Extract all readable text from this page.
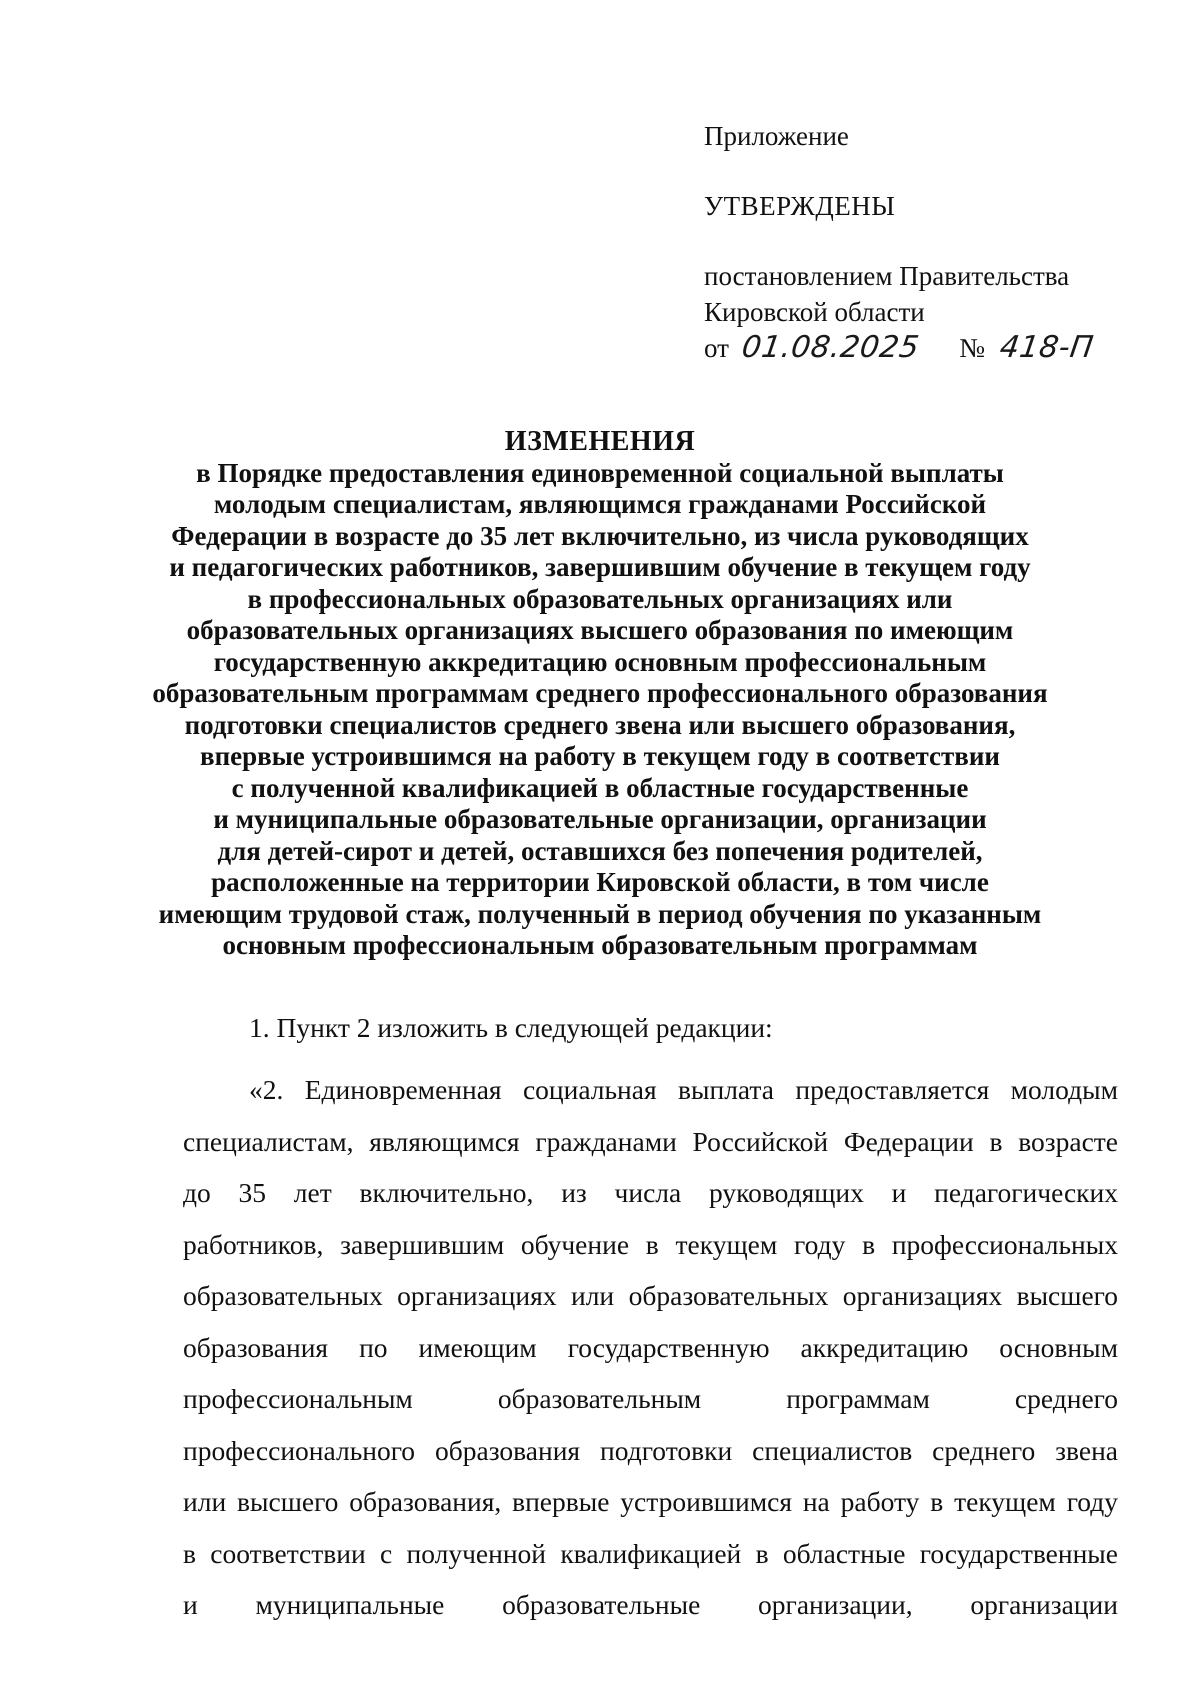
Приложение
УТВЕРЖДЕНЫ
постановлением Правительства
Кировской области
от 01.08.2025 № 418-П
ИЗМЕНЕНИЯ
в Порядке предоставления единовременной социальной выплаты
молодым специалистам, являющимся гражданами Российской
Федерации в возрасте до 35 лет включительно, из числа руководящих
и педагогических работников, завершившим обучение в текущем году
в профессиональных образовательных организациях или
образовательных организациях высшего образования по имеющим
государственную аккредитацию основным профессиональным
образовательным программам среднего профессионального образования
подготовки специалистов среднего звена или высшего образования,
впервые устроившимся на работу в текущем году в соответствии
с полученной квалификацией в областные государственные
и муниципальные образовательные организации, организации
для детей-сирот и детей, оставшихся без попечения родителей,
расположенные на территории Кировской области, в том числе
имеющим трудовой стаж, полученный в период обучения по указанным
основным профессиональным образовательным программам
1. Пункт 2 изложить в следующей редакции:
«2. Единовременная социальная выплата предоставляется молодым
специалистам, являющимся гражданами Российской Федерации в возрасте
до 35 лет включительно, из числа руководящих и педагогических
работников, завершившим обучение в текущем году в профессиональных
образовательных организациях или образовательных организациях высшего
образования по имеющим государственную аккредитацию основным
профессиональным образовательным программам среднего
профессионального образования подготовки специалистов среднего звена
или высшего образования, впервые устроившимся на работу в текущем году
в соответствии с полученной квалификацией в областные государственные
и муниципальные образовательные организации, организации
